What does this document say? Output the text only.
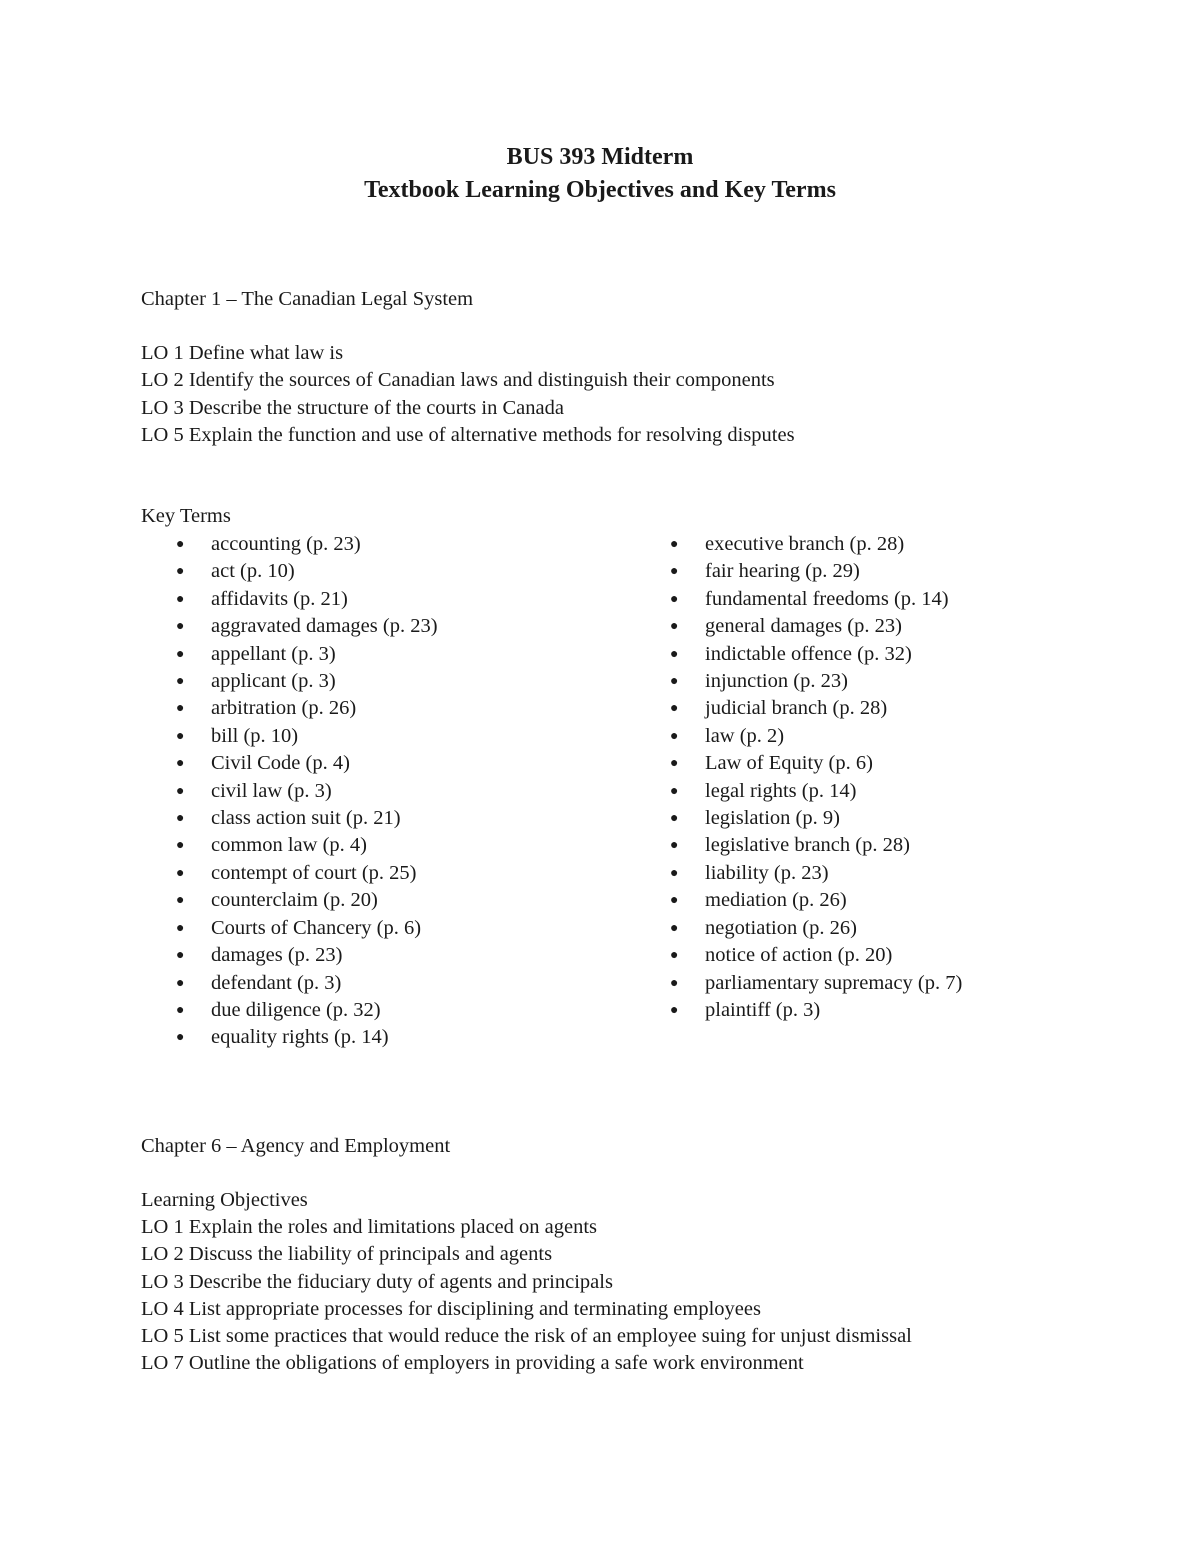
BUS 393 Midterm
Textbook Learning Objectives and Key Terms
Chapter 1 – The Canadian Legal System
LO 1 Define what law is
LO 2 Identify the sources of Canadian laws and distinguish their components
LO 3 Describe the structure of the courts in Canada
LO 5 Explain the function and use of alternative methods for resolving disputes
Key Terms
● accounting (p. 23)
● act (p. 10)
● affidavits (p. 21)
● aggravated damages (p. 23)
● appellant (p. 3)
● applicant (p. 3)
● arbitration (p. 26)
● bill (p. 10)
● Civil Code (p. 4)
● civil law (p. 3)
● class action suit (p. 21)
● common law (p. 4)
● contempt of court (p. 25)
● counterclaim (p. 20)
● Courts of Chancery (p. 6)
● damages (p. 23)
● defendant (p. 3)
● due diligence (p. 32)
● equality rights (p. 14)
● executive branch (p. 28)
● fair hearing (p. 29)
● fundamental freedoms (p. 14)
● general damages (p. 23)
● indictable offence (p. 32)
● injunction (p. 23)
● judicial branch (p. 28)
● law (p. 2)
● Law of Equity (p. 6)
● legal rights (p. 14)
● legislation (p. 9)
● legislative branch (p. 28)
● liability (p. 23)
● mediation (p. 26)
● negotiation (p. 26)
● notice of action (p. 20)
● parliamentary supremacy (p. 7)
● plaintiff (p. 3)
Chapter 6 – Agency and Employment
Learning Objectives
LO 1 Explain the roles and limitations placed on agents
LO 2 Discuss the liability of principals and agents
LO 3 Describe the fiduciary duty of agents and principals
LO 4 List appropriate processes for disciplining and terminating employees
LO 5 List some practices that would reduce the risk of an employee suing for unjust dismissal
LO 7 Outline the obligations of employers in providing a safe work environment
